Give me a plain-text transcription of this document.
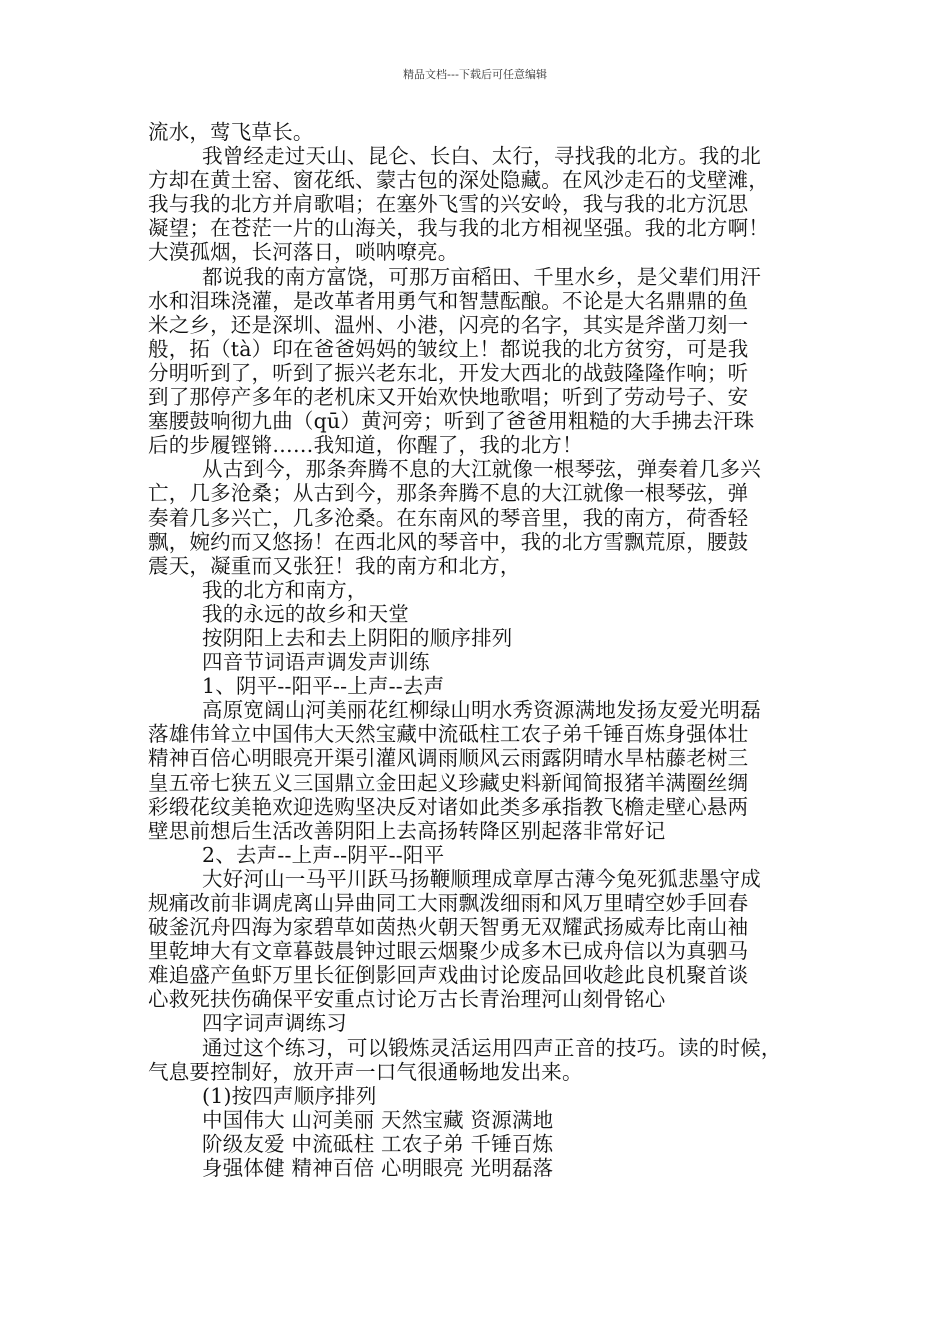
精品文档---下载后可任意编辑
流水，莺飞草长。
我曾经走过天山、昆仑、长白、太行，寻找我的北方。我的北
方却在黄土窑、窗花纸、蒙古包的深处隐藏。在风沙走石的戈壁滩，
我与我的北方并肩歌唱；在塞外飞雪的兴安岭，我与我的北方沉思
凝望；在苍茫一片的山海关，我与我的北方相视坚强。我的北方啊！
大漠孤烟，长河落日，唢呐嘹亮。
都说我的南方富饶，可那万亩稻田、千里水乡，是父辈们用汗
水和泪珠浇灌，是改革者用勇气和智慧酝酿。不论是大名鼎鼎的鱼
米之乡，还是深圳、温州、小港，闪亮的名字，其实是斧凿刀刻一
般，拓（tà）印在爸爸妈妈的皱纹上！都说我的北方贫穷，可是我
分明听到了，听到了振兴老东北，开发大西北的战鼓隆隆作响；听
到了那停产多年的老机床又开始欢快地歌唱；听到了劳动号子、安
塞腰鼓响彻九曲（qū）黄河旁；听到了爸爸用粗糙的大手拂去汗珠
后的步履铿锵……我知道，你醒了，我的北方！
从古到今，那条奔腾不息的大江就像一根琴弦，弹奏着几多兴
亡，几多沧桑；从古到今，那条奔腾不息的大江就像一根琴弦，弹
奏着几多兴亡，几多沧桑。在东南风的琴音里，我的南方，荷香轻
飘，婉约而又悠扬！在西北风的琴音中，我的北方雪飘荒原，腰鼓
震天，凝重而又张狂！我的南方和北方，
我的北方和南方，
我的永远的故乡和天堂
按阴阳上去和去上阴阳的顺序排列
四音节词语声调发声训练
1、阴平--阳平--上声--去声
高原宽阔山河美丽花红柳绿山明水秀资源满地发扬友爱光明磊
落雄伟耸立中国伟大天然宝藏中流砥柱工农子弟千锤百炼身强体壮
精神百倍心明眼亮开渠引灌风调雨顺风云雨露阴晴水旱枯藤老树三
皇五帝七狭五义三国鼎立金田起义珍藏史料新闻简报猪羊满圈丝绸
彩缎花纹美艳欢迎选购坚决反对诸如此类多承指教飞檐走壁心悬两
壁思前想后生活改善阴阳上去高扬转降区别起落非常好记
2、去声--上声--阴平--阳平
大好河山一马平川跃马扬鞭顺理成章厚古薄今兔死狐悲墨守成
规痛改前非调虎离山异曲同工大雨飘泼细雨和风万里晴空妙手回春
破釜沉舟四海为家碧草如茵热火朝天智勇无双耀武扬威寿比南山袖
里乾坤大有文章暮鼓晨钟过眼云烟聚少成多木已成舟信以为真驷马
难追盛产鱼虾万里长征倒影回声戏曲讨论废品回收趁此良机聚首谈
心救死扶伤确保平安重点讨论万古长青治理河山刻骨铭心
四字词声调练习
通过这个练习，可以锻炼灵活运用四声正音的技巧。读的时候，
气息要控制好，放开声一口气很通畅地发出来。
(1)按四声顺序排列
中国伟大 山河美丽 天然宝藏 资源满地
阶级友爱 中流砥柱 工农子弟 千锤百炼
身强体健 精神百倍 心明眼亮 光明磊落
